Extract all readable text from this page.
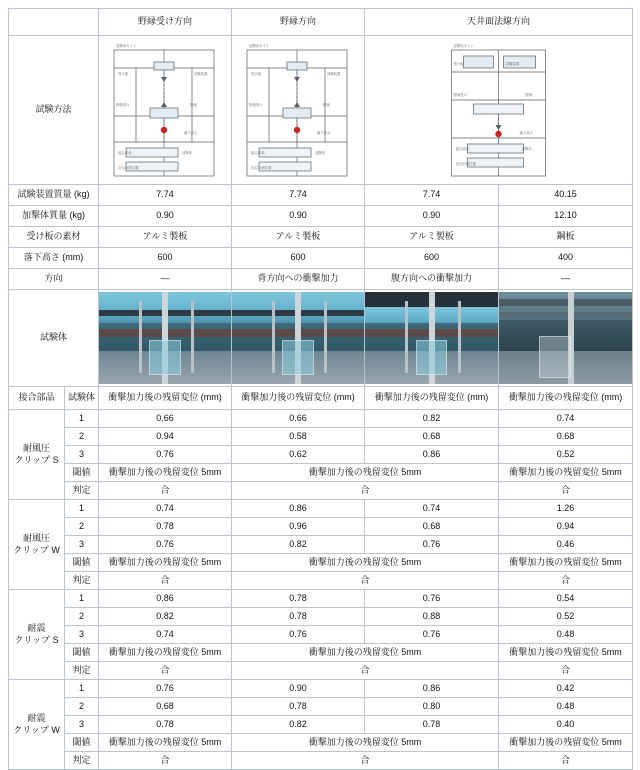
		野縁受け方向	野縁方向	天井面法線方向	
試験方法	
加撃用ガイド
受け板	試験装置
野縁受け	野縁
接合部品	加撃体
変位計測位置
落下高さ

加撃用ガイド
受け板	試験装置
野縁受け	野縁
接合部品	加撃体
変位計測位置
落下高さ

加撃用ガイド
受け板	試験装置
野縁受け	野縁
接合部品	加撃体
変位計測位置
落下高さ

試験装置質量 (kg)		7.74	7.74	7.74	40.15
加撃体質量 (kg)		0.90	0.90	0.90	12.10
受け板の素材		アルミ製板	アルミ製板	アルミ製板	鋼板
落下高さ (mm)		600	600	600	400
方向		—	背方向への衝撃加力	腹方向への衝撃加力	—
試験体		

接合部品	試験体	衝撃加力後の残留変位 (mm)	衝撃加力後の残留変位 (mm)	衝撃加力後の残留変位 (mm)	衝撃加力後の残留変位 (mm)

耐風圧
クリップ S	1	0.66	0.66	0.82	0.74
	2	0.94	0.58	0.68	0.68
	3	0.76	0.62	0.86	0.52
	閾値	衝撃加力後の残留変位 5mm	衝撃加力後の残留変位 5mm		衝撃加力後の残留変位 5mm
	判定	合	合		合

耐風圧
クリップ W	1	0.74	0.86	0.74	1.26
	2	0.78	0.96	0.68	0.94
	3	0.76	0.82	0.76	0.46
	閾値	衝撃加力後の残留変位 5mm	衝撃加力後の残留変位 5mm		衝撃加力後の残留変位 5mm
	判定	合	合		合

耐震
クリップ S	1	0.86	0.78	0.76	0.54
	2	0.82	0.78	0.88	0.52
	3	0.74	0.76	0.76	0.48
	閾値	衝撃加力後の残留変位 5mm	衝撃加力後の残留変位 5mm		衝撃加力後の残留変位 5mm
	判定	合	合		合

耐震
クリップ W	1	0.76	0.90	0.86	0.42
	2	0.68	0.78	0.80	0.48
	3	0.78	0.82	0.78	0.40
	閾値	衝撃加力後の残留変位 5mm	衝撃加力後の残留変位 5mm		衝撃加力後の残留変位 5mm
	判定	合	合		合
